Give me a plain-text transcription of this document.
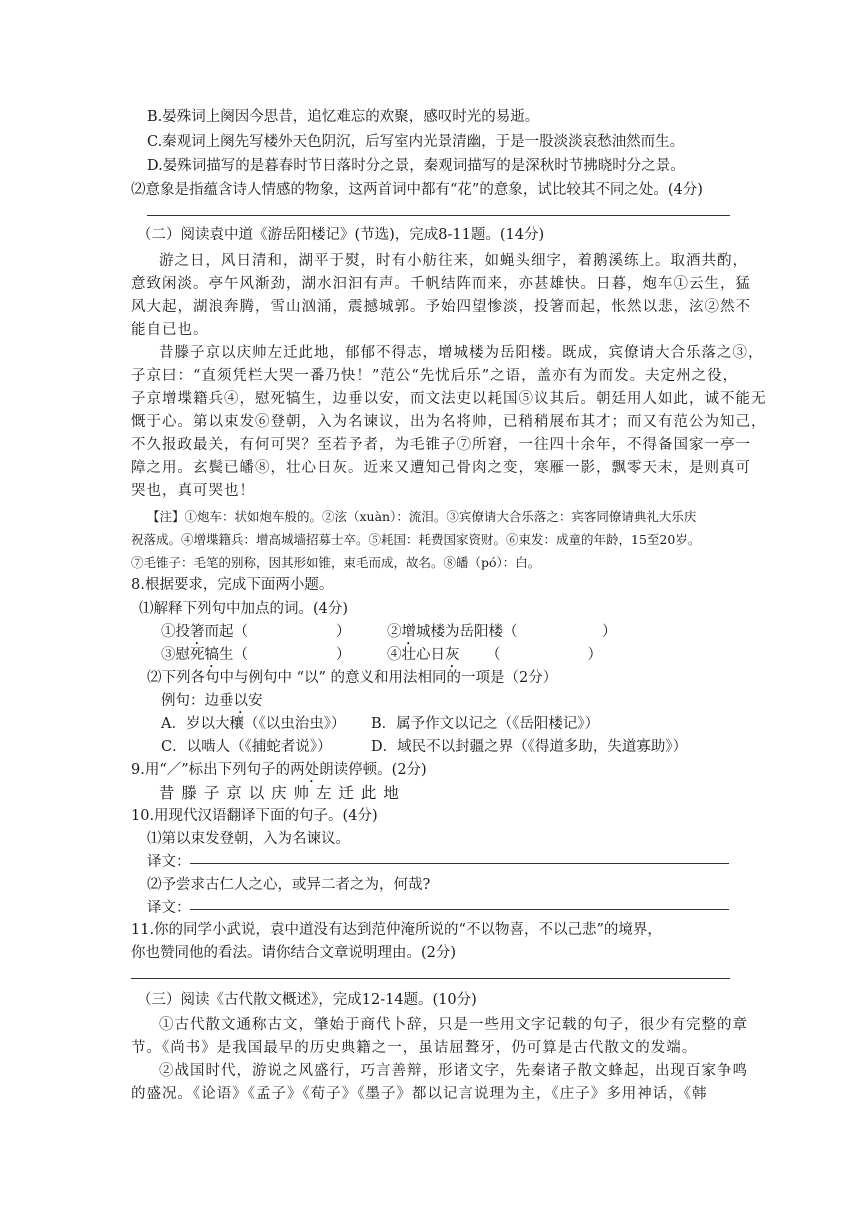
B.晏殊词上阕因今思昔，追忆难忘的欢聚，感叹时光的易逝。
C.秦观词上阕先写楼外天色阴沉，后写室内光景清幽，于是一股淡淡哀愁油然而生。
D.晏殊词描写的是暮春时节日落时分之景，秦观词描写的是深秋时节拂晓时分之景。
⑵意象是指蕴含诗人情感的物象，这两首词中都有“花”的意象，试比较其不同之处。(4分)
（二）阅读袁中道《游岳阳楼记》(节选)，完成8-11题。(14分)
游之日，风日清和，湖平于熨，时有小舫往来，如蝇头细字，着鹅溪练上。取酒共酌，
意致闲淡。亭午风渐劲，湖水汩汩有声。千帆结阵而来，亦甚雄快。日暮，炮车①云生，猛
风大起，湖浪奔腾，雪山汹涌，震撼城郭。予始四望惨淡，投箸而起，怅然以悲，泫②然不
能自已也。
昔滕子京以庆帅左迁此地，郁郁不得志，增城楼为岳阳楼。既成，宾僚请大合乐落之③，
子京曰：“直须凭栏大哭一番乃快！”范公“先忧后乐”之语，盖亦有为而发。夫定州之役，
子京增堞籍兵④，慰死犒生，边垂以安，而文法吏以耗国⑤议其后。朝廷用人如此，诚不能无
慨于心。第以束发⑥登朝，入为名谏议，出为名将帅，已稍稍展布其才；而又有范公为知己，
不久报政最关，有何可哭？至若予者，为毛锥子⑦所窘，一往四十余年，不得备国家一亭一
障之用。玄鬓已皤⑧，壮心日灰。近来又遭知己骨肉之变，寒雁一影，飘零天末，是则真可
哭也，真可哭也！
【注】①炮车：状如炮车般的。②泫（xuàn）：流泪。③宾僚请大合乐落之：宾客同僚请典礼大乐庆
祝落成。④增堞籍兵：增高城墙招募士卒。⑤耗国：耗费国家资财。⑥束发：成童的年龄，15至20岁。
⑦毛锥子：毛笔的别称，因其形如锥，束毛而成，故名。⑧皤（pó）：白。
8.根据要求，完成下面两小题。
⑴解释下列句中加点的词。(4分)
①投箸而起（	）	②增城楼为岳阳楼（	）
③慰死犒生（	）	④壮心日灰 （　　　　　　）
⑵下列各句中与例句中 “以” 的意义和用法相同的一项是（2分）
例句：边垂以安
A．岁以大穰（《以虫治虫》） B．属予作文以记之（《岳阳楼记》）
C．以啮人（《捕蛇者说》）	D．域民不以封疆之界（《得道多助，失道寡助》）
9.用“／”标出下列句子的两处朗读停顿。(2分)
昔 滕 子 京 以 庆 帅 左 迁 此 地
10.用现代汉语翻译下面的句子。(4分)
⑴第以束发登朝，入为名谏议。
译文：
⑵予尝求古仁人之心，或异二者之为，何哉?
译文：
11.你的同学小武说，袁中道没有达到范仲淹所说的“不以物喜，不以己悲”的境界，
你也赞同他的看法。请你结合文章说明理由。(2分)
（三）阅读《古代散文概述》，完成12-14题。(10分)
①古代散文通称古文，肇始于商代卜辞，只是一些用文字记载的句子，很少有完整的章
节。《尚书》是我国最早的历史典籍之一，虽诘屈聱牙，仍可算是古代散文的发端。
②战国时代，游说之风盛行，巧言善辩，形诸文字，先秦诸子散文蜂起，出现百家争鸣
的盛况。《论语》《孟子》《荀子》《墨子》都以记言说理为主，《庄子》多用神话，《韩
